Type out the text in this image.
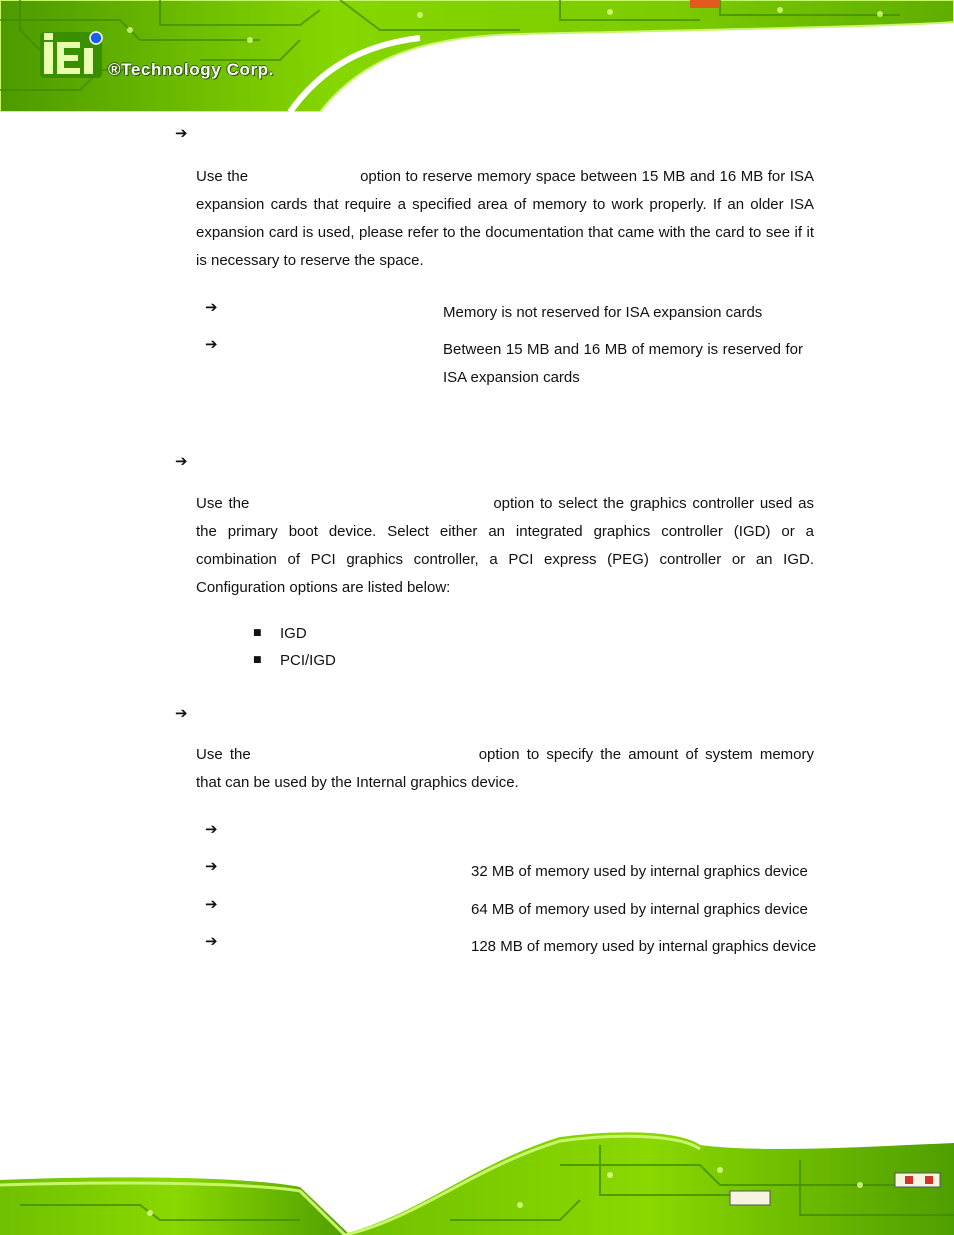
®Technology Corp.
➔

Use the	option to reserve memory space between 15 MB and 16 MB for ISA expansion cards that require a specified area of memory to work properly. If an older ISA expansion card is used, please refer to the documentation that came with the card to see if it is necessary to reserve the space.

➔	Memory is not reserved for ISA expansion cards

➔	Between 15 MB and 16 MB of memory is reserved for ISA expansion cards

➔

Use the	option to select the graphics controller used as the primary boot device. Select either an integrated graphics controller (IGD) or a combination of PCI graphics controller, a PCI express (PEG) controller or an IGD. Configuration options are listed below:

■ IGD
■ PCI/IGD
➔

Use the	option to specify the amount of system memory that can be used by the Internal graphics device.

➔

➔	32 MB of memory used by internal graphics device

➔	64 MB of memory used by internal graphics device

➔	128 MB of memory used by internal graphics device
